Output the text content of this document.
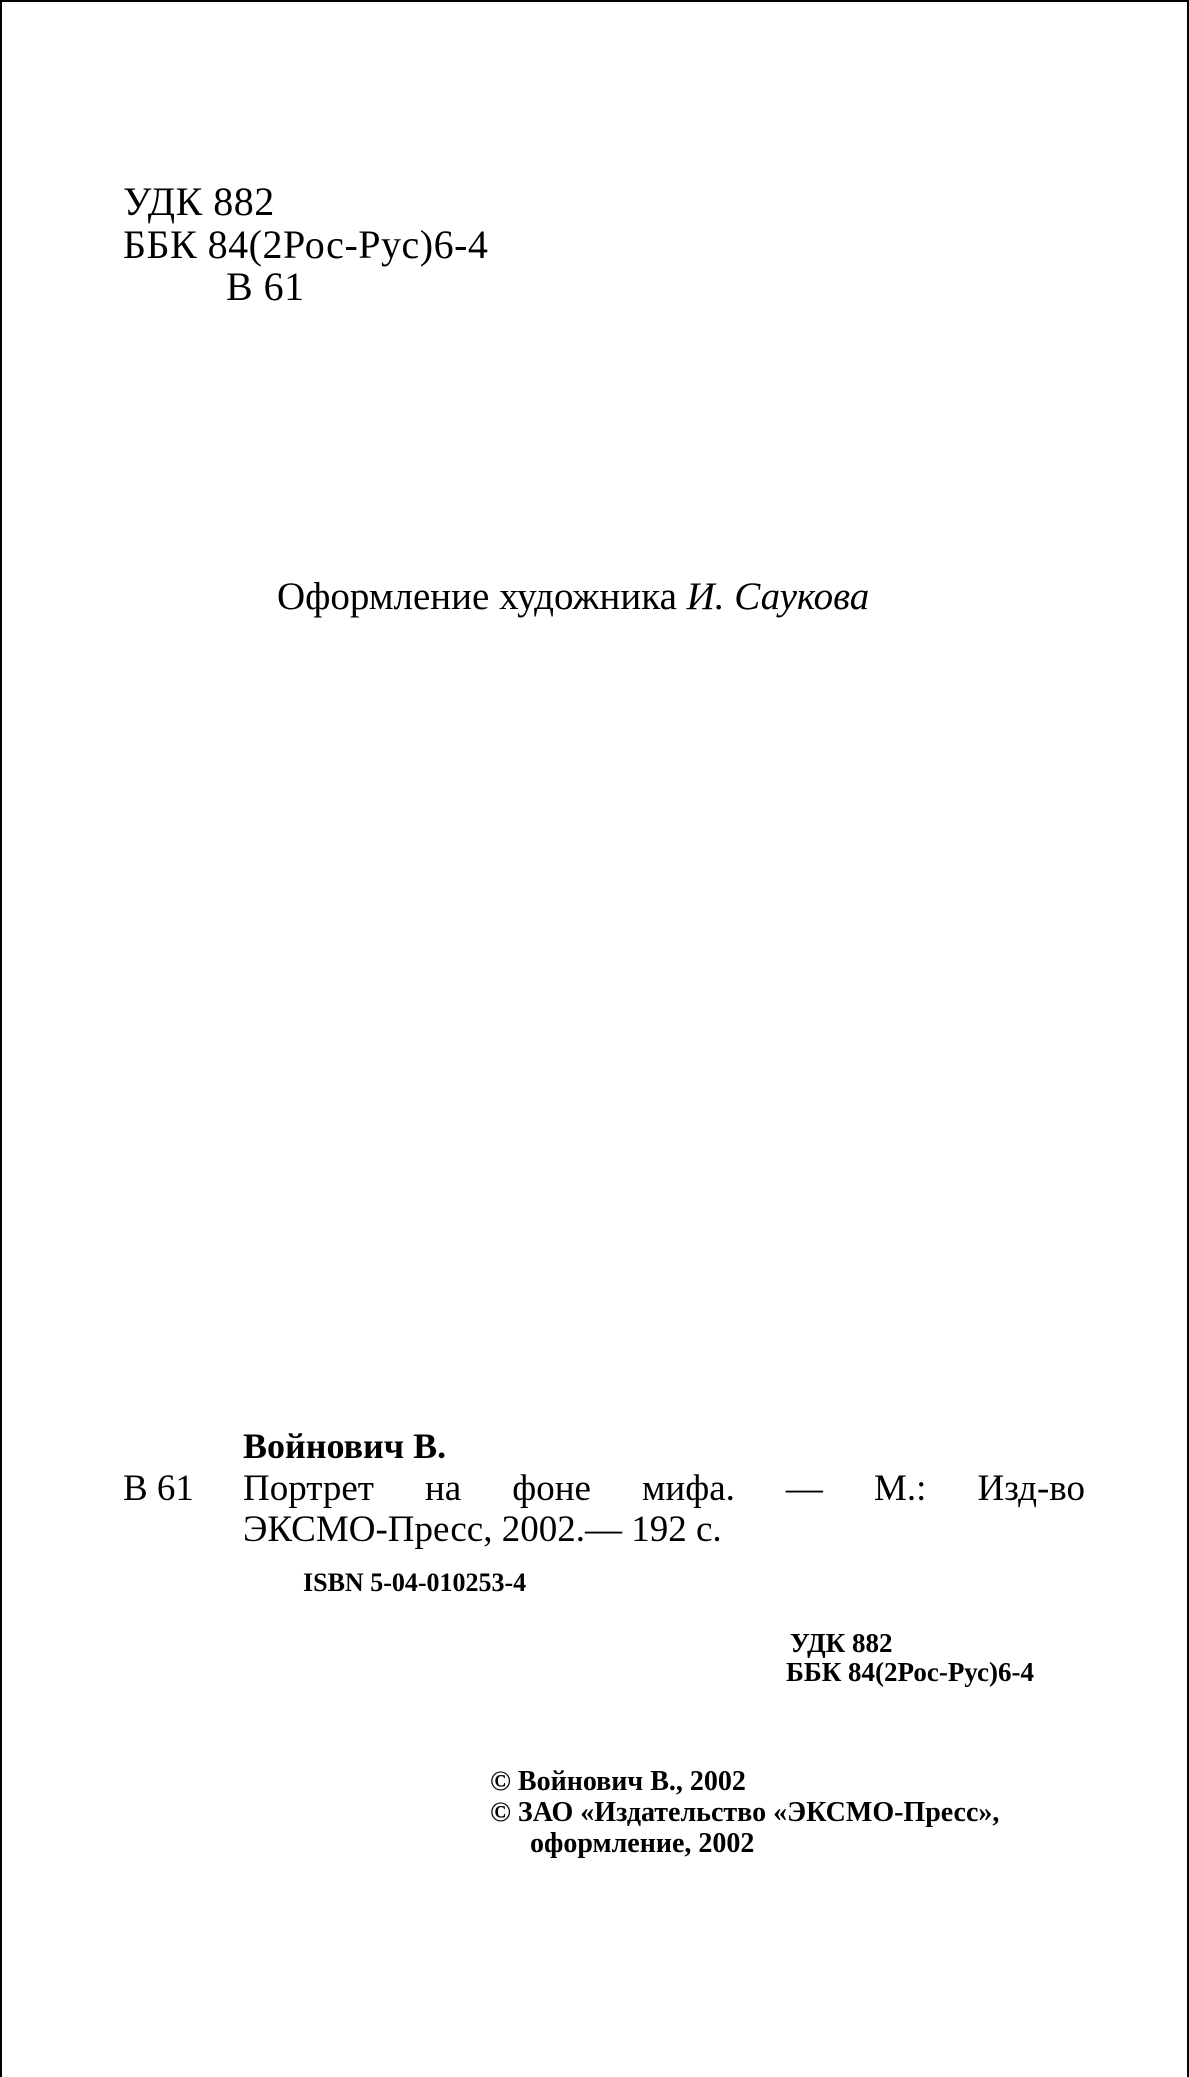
УДК 882
ББК 84(2Рос-Рус)6-4
В 61
Оформление художника И. Саукова
Войнович В.
В 61 Портрет на фоне мифа. — М.: Изд-во
ЭКСМО-Пресс, 2002.— 192 с.
ISBN 5-04-010253-4
УДК 882
ББК 84(2Рос-Рус)6-4
© Войнович В., 2002
© ЗАО «Издательство «ЭКСМО-Пресс»,
оформление, 2002
